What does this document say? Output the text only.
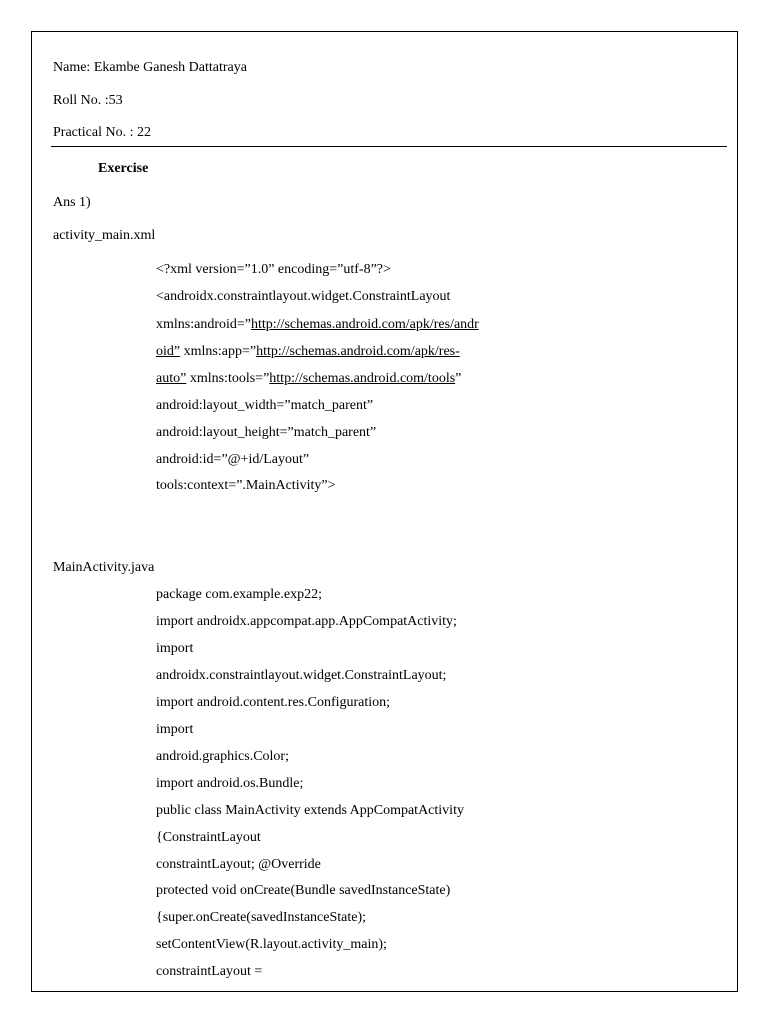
Name: Ekambe Ganesh Dattatraya
Roll No. :53
Practical No. : 22
Exercise
Ans 1)
activity_main.xml
<?xml version=”1.0” encoding=”utf-8”?>
<androidx.constraintlayout.widget.ConstraintLayout
xmlns:android=”http://schemas.android.com/apk/res/andr
oid” xmlns:app=”http://schemas.android.com/apk/res-
auto” xmlns:tools=”http://schemas.android.com/tools”
android:layout_width=”match_parent”
android:layout_height=”match_parent”
android:id=”@+id/Layout”
tools:context=”.MainActivity”>
MainActivity.java
package com.example.exp22;
import androidx.appcompat.app.AppCompatActivity;
import
androidx.constraintlayout.widget.ConstraintLayout;
import android.content.res.Configuration;
import
android.graphics.Color;
import android.os.Bundle;
public class MainActivity extends AppCompatActivity
{ConstraintLayout
constraintLayout; @Override
protected void onCreate(Bundle savedInstanceState)
{super.onCreate(savedInstanceState);
setContentView(R.layout.activity_main);
constraintLayout =
